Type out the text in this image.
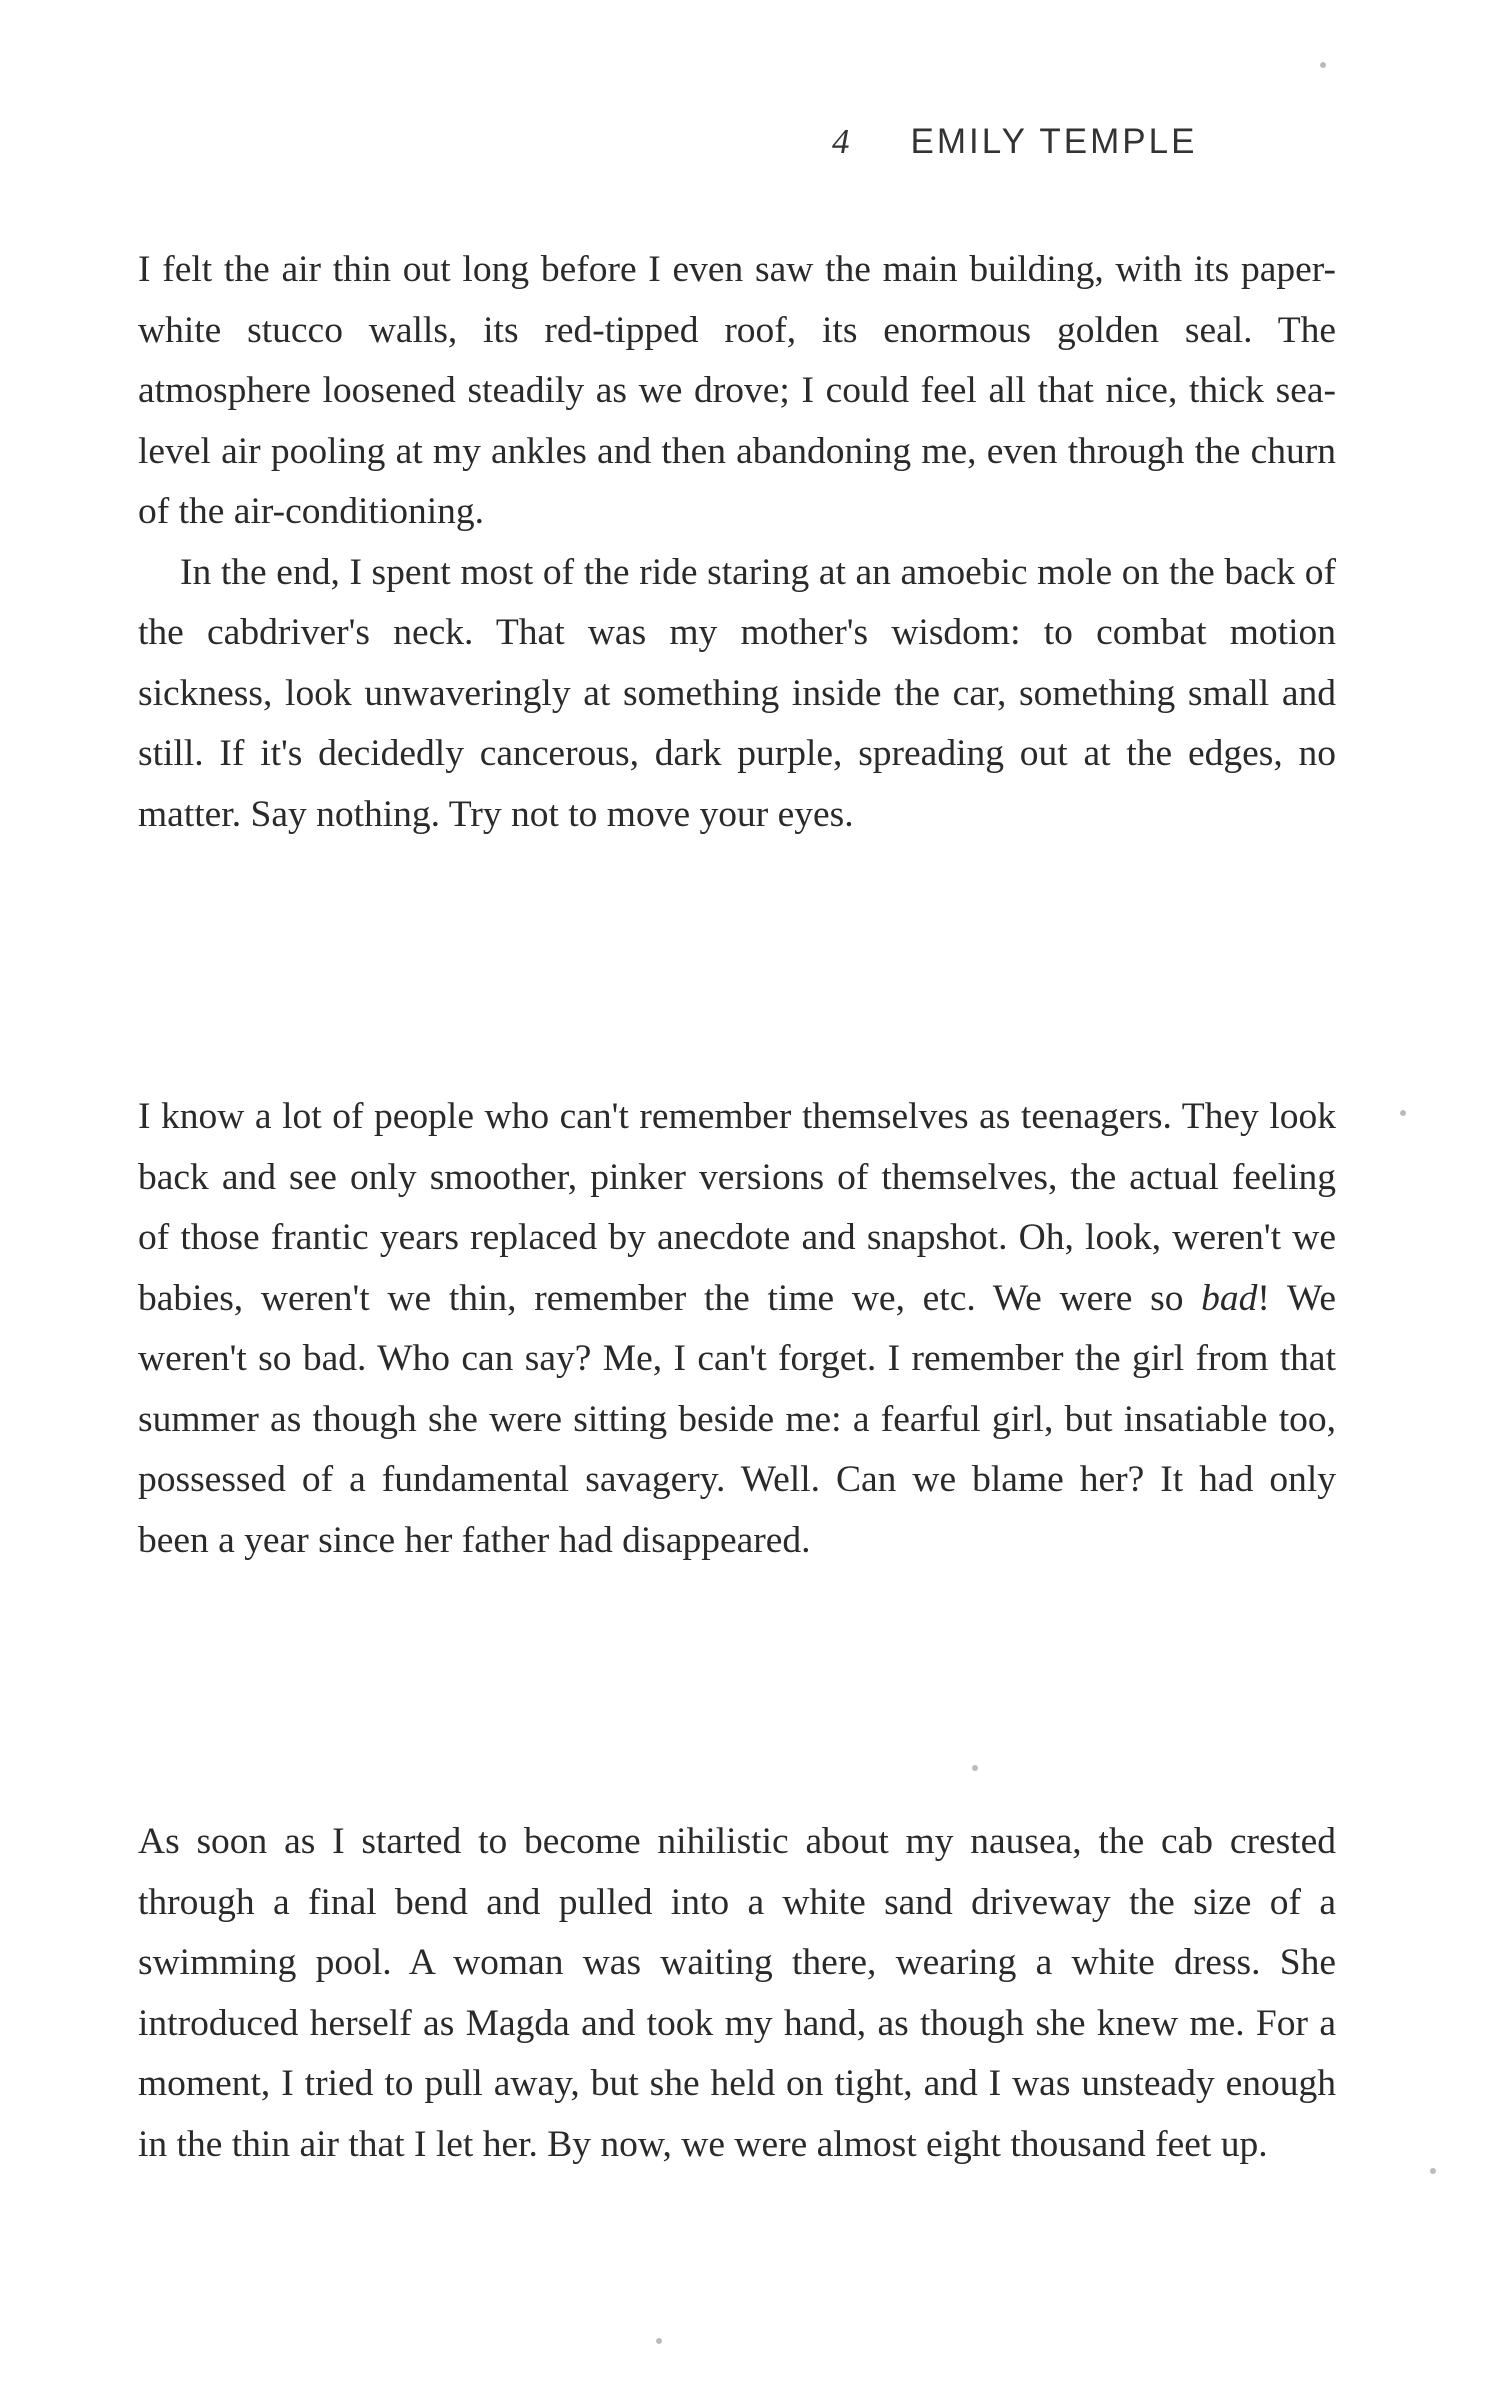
4 EMILY TEMPLE

I felt the air thin out long before I even saw the main building, with its paper-white stucco walls, its red-tipped roof, its enormous golden seal. The atmosphere loosened steadily as we drove; I could feel all that nice, thick sea-level air pooling at my ankles and then abandoning me, even through the churn of the air-conditioning.

In the end, I spent most of the ride staring at an amoebic mole on the back of the cabdriver's neck. That was my mother's wisdom: to combat motion sickness, look unwaveringly at something inside the car, something small and still. If it's decidedly cancerous, dark purple, spreading out at the edges, no matter. Say nothing. Try not to move your eyes.

I know a lot of people who can't remember themselves as teenagers. They look back and see only smoother, pinker versions of themselves, the actual feeling of those frantic years replaced by anecdote and snapshot. Oh, look, weren't we babies, weren't we thin, remember the time we, etc. We were so bad! We weren't so bad. Who can say? Me, I can't forget. I remember the girl from that summer as though she were sitting beside me: a fearful girl, but insatiable too, possessed of a fundamental savagery. Well. Can we blame her? It had only been a year since her father had disappeared.

As soon as I started to become nihilistic about my nausea, the cab crested through a final bend and pulled into a white sand driveway the size of a swimming pool. A woman was waiting there, wearing a white dress. She introduced herself as Magda and took my hand, as though she knew me. For a moment, I tried to pull away, but she held on tight, and I was unsteady enough in the thin air that I let her. By now, we were almost eight thousand feet up.
